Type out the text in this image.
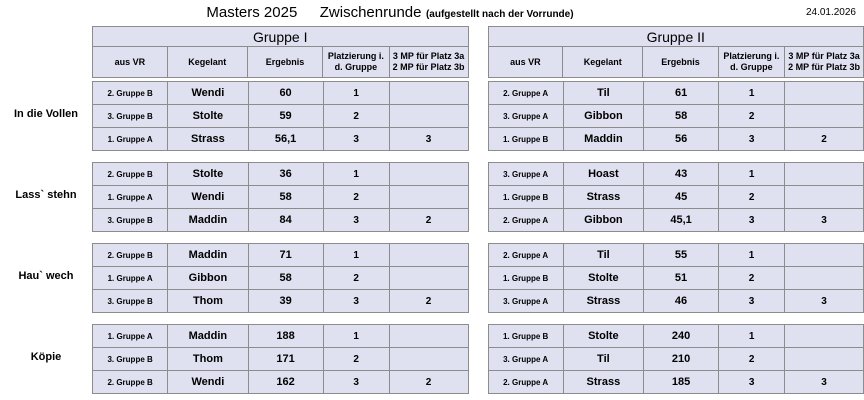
Masters 2025 Zwischenrunde (aufgestellt nach der Vorrunde)	24.01.2026
Gruppe I
aus VR	Kegelant	Ergebnis	Platzierung i.
d. Gruppe	3 MP für Platz 3a
2 MP für Platz 3b
Gruppe II
aus VR	Kegelant	Ergebnis	Platzierung i.
d. Gruppe	3 MP für Platz 3a
2 MP für Platz 3b
In die Vollen
2. Gruppe B	Wendi	60	1	
3. Gruppe B	Stolte	59	2	
1. Gruppe A	Strass	56,1	3	3
2. Gruppe A	Til	61	1	
3. Gruppe A	Gibbon	58	2	
1. Gruppe B	Maddin	56	3	2
Lass` stehn
2. Gruppe B	Stolte	36	1	
1. Gruppe A	Wendi	58	2	
3. Gruppe B	Maddin	84	3	2
3. Gruppe A	Hoast	43	1	
1. Gruppe B	Strass	45	2	
2. Gruppe A	Gibbon	45,1	3	3
Hau` wech
2. Gruppe B	Maddin	71	1	
1. Gruppe A	Gibbon	58	2	
3. Gruppe B	Thom	39	3	2
2. Gruppe A	Til	55	1	
1. Gruppe B	Stolte	51	2	
3. Gruppe A	Strass	46	3	3
Köpie
1. Gruppe A	Maddin	188	1	
3. Gruppe B	Thom	171	2	
2. Gruppe B	Wendi	162	3	2
1. Gruppe B	Stolte	240	1	
3. Gruppe A	Til	210	2	
2. Gruppe A	Strass	185	3	3
